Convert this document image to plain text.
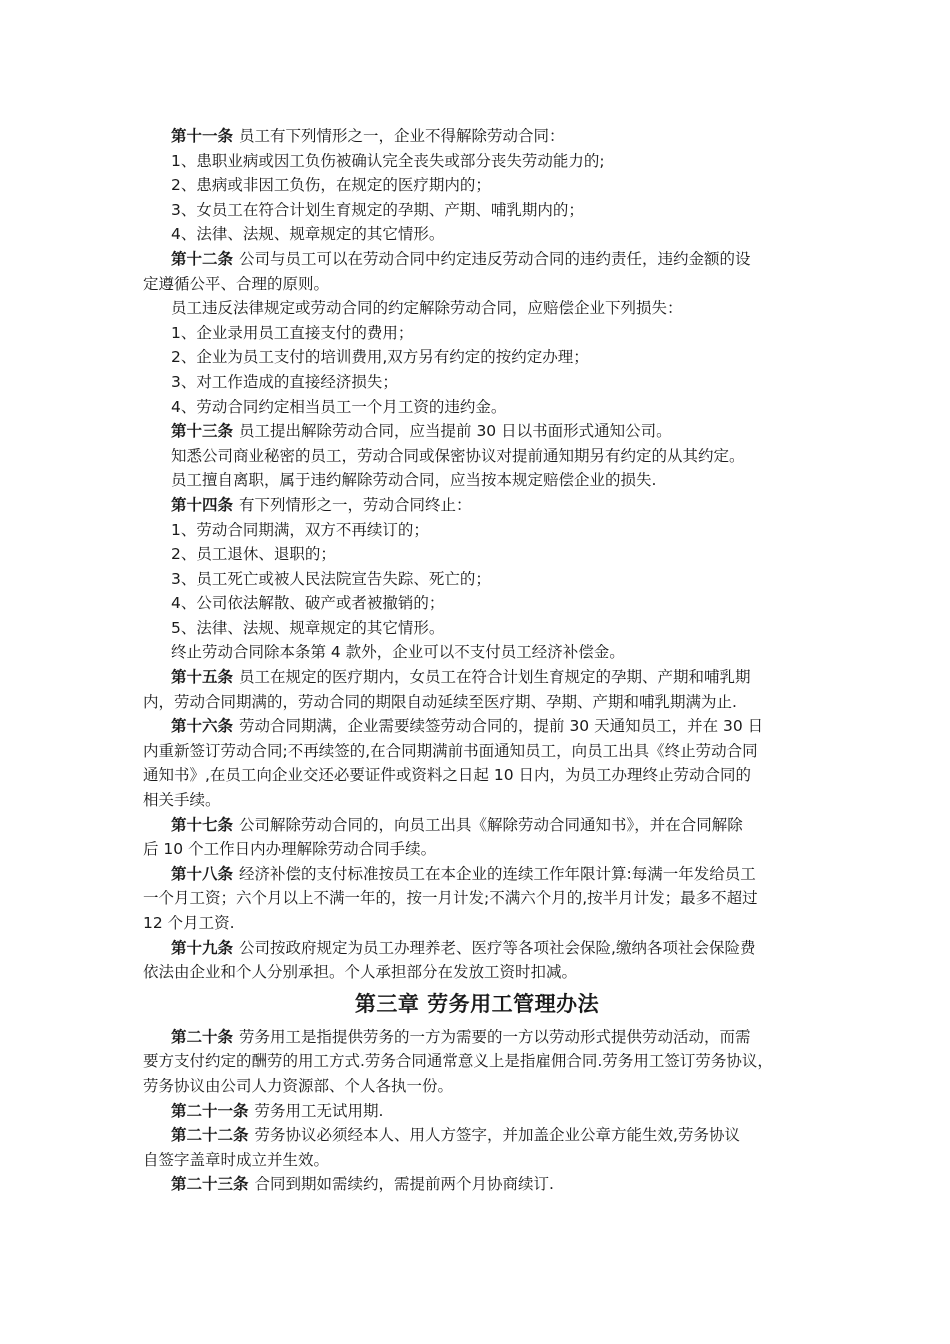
第十一条 员工有下列情形之一，企业不得解除劳动合同：

1、患职业病或因工负伤被确认完全丧失或部分丧失劳动能力的;

2、患病或非因工负伤，在规定的医疗期内的；

3、女员工在符合计划生育规定的孕期、产期、哺乳期内的；

4、法律、法规、规章规定的其它情形。

第十二条 公司与员工可以在劳动合同中约定违反劳动合同的违约责任，违约金额的设

定遵循公平、合理的原则。

员工违反法律规定或劳动合同的约定解除劳动合同，应赔偿企业下列损失：

1、企业录用员工直接支付的费用；

2、企业为员工支付的培训费用,双方另有约定的按约定办理；

3、对工作造成的直接经济损失；

4、劳动合同约定相当员工一个月工资的违约金。

第十三条 员工提出解除劳动合同，应当提前 30 日以书面形式通知公司。

知悉公司商业秘密的员工，劳动合同或保密协议对提前通知期另有约定的从其约定。

员工擅自离职，属于违约解除劳动合同，应当按本规定赔偿企业的损失.

第十四条 有下列情形之一，劳动合同终止：

1、劳动合同期满，双方不再续订的；

2、员工退休、退职的；

3、员工死亡或被人民法院宣告失踪、死亡的；

4、公司依法解散、破产或者被撤销的；

5、法律、法规、规章规定的其它情形。

终止劳动合同除本条第 4 款外，企业可以不支付员工经济补偿金。

第十五条 员工在规定的医疗期内，女员工在符合计划生育规定的孕期、产期和哺乳期

内，劳动合同期满的，劳动合同的期限自动延续至医疗期、孕期、产期和哺乳期满为止.

第十六条 劳动合同期满，企业需要续签劳动合同的，提前 30 天通知员工，并在 30 日

内重新签订劳动合同;不再续签的,在合同期满前书面通知员工，向员工出具《终止劳动合同

通知书》,在员工向企业交还必要证件或资料之日起 10 日内，为员工办理终止劳动合同的

相关手续。

第十七条 公司解除劳动合同的，向员工出具《解除劳动合同通知书》，并在合同解除

后 10 个工作日内办理解除劳动合同手续。

第十八条 经济补偿的支付标准按员工在本企业的连续工作年限计算:每满一年发给员工

一个月工资；六个月以上不满一年的，按一月计发;不满六个月的,按半月计发；最多不超过

12 个月工资.

第十九条 公司按政府规定为员工办理养老、医疗等各项社会保险,缴纳各项社会保险费

依法由企业和个人分别承担。个人承担部分在发放工资时扣减。

第三章 劳务用工管理办法

第二十条 劳务用工是指提供劳务的一方为需要的一方以劳动形式提供劳动活动，而需

要方支付约定的酬劳的用工方式.劳务合同通常意义上是指雇佣合同.劳务用工签订劳务协议，

劳务协议由公司人力资源部、个人各执一份。

第二十一条 劳务用工无试用期.

第二十二条 劳务协议必须经本人、用人方签字，并加盖企业公章方能生效,劳务协议

自签字盖章时成立并生效。

第二十三条 合同到期如需续约，需提前两个月协商续订.
